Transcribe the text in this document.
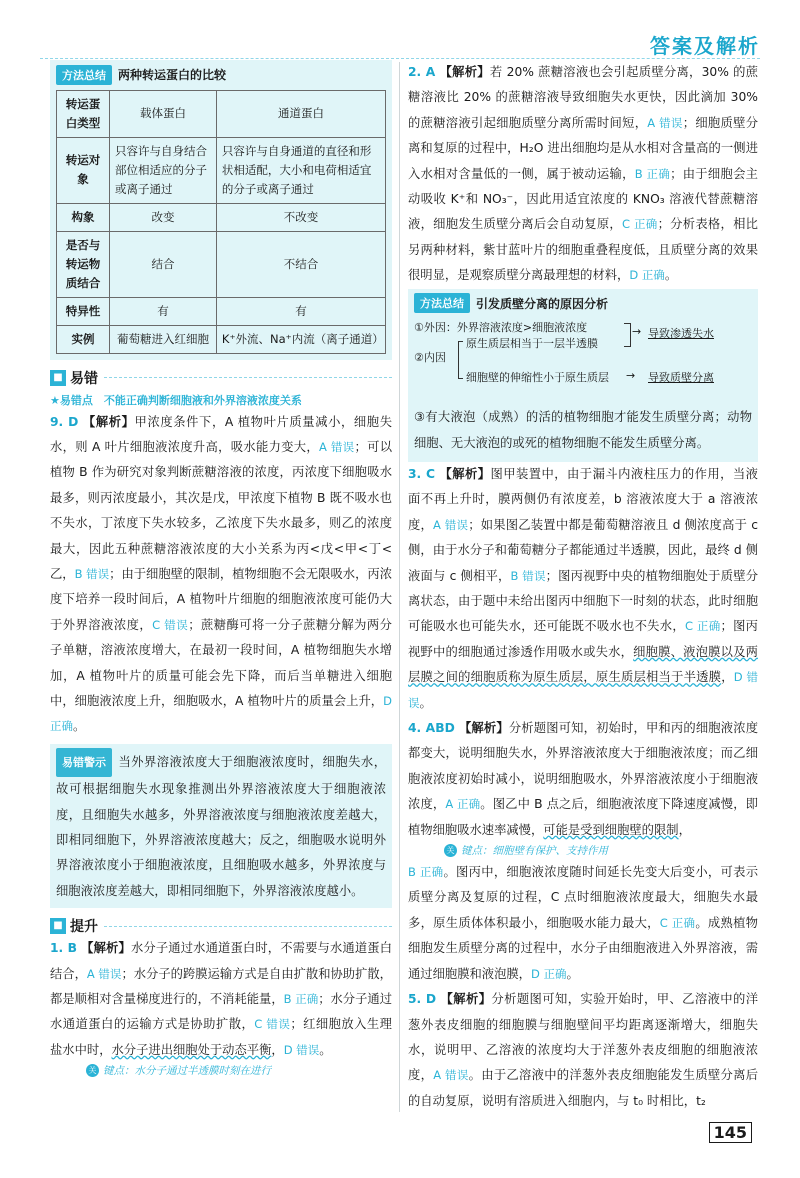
答案及解析
方法总结 两种转运蛋白的比较
转运蛋白类型	载体蛋白	通道蛋白
转运对象	只容许与自身结合部位相适应的分子或离子通过	只容许与自身通道的直径和形状相适配，大小和电荷相适宜的分子或离子通过
构象	改变	不改变
是否与转运物质结合	结合	不结合
特异性	有	有
实例	葡萄糖进入红细胞	K⁺外流、Na⁺内流（离子通道）
■ 易错
★易错点　不能正确判断细胞液和外界溶液浓度关系

9. D 【解析】甲浓度条件下，A 植物叶片质量减小，细胞失水，则 A 叶片细胞液浓度升高，吸水能力变大，A 错误；可以植物 B 作为研究对象判断蔗糖溶液的浓度，丙浓度下细胞吸水最多，则丙浓度最小，其次是戊，甲浓度下植物 B 既不吸水也不失水，丁浓度下失水较多，乙浓度下失水最多，则乙的浓度最大，因此五种蔗糖溶液浓度的大小关系为丙<戊<甲<丁<乙，B 错误；由于细胞壁的限制，植物细胞不会无限吸水，丙浓度下培养一段时间后，A 植物叶片细胞的细胞液浓度可能仍大于外界溶液浓度，C 错误；蔗糖酶可将一分子蔗糖分解为两分子单糖，溶液浓度增大，在最初一段时间，A 植物细胞失水增加，A 植物叶片的质量可能会先下降，而后当单糖进入细胞中，细胞液浓度上升，细胞吸水，A 植物叶片的质量会上升，D 正确。

易错警示 当外界溶液浓度大于细胞液浓度时，细胞失水，故可根据细胞失水现象推测出外界溶液浓度大于细胞液浓度，且细胞失水越多，外界溶液浓度与细胞液浓度差越大，即相同细胞下，外界溶液浓度越大；反之，细胞吸水说明外界溶液浓度小于细胞液浓度，且细胞吸水越多，外界浓度与细胞液浓度差越大，即相同细胞下，外界溶液浓度越小。

■ 提升

1. B 【解析】水分子通过水通道蛋白时，不需要与水通道蛋白结合，A 错误；水分子的跨膜运输方式是自由扩散和协助扩散，都是顺相对含量梯度进行的，不消耗能量，B 正确；水分子通过水通道蛋白的运输方式是协助扩散，C 错误；红细胞放入生理盐水中时，水分子进出细胞处于动态平衡，D 错误。

关 键点：水分子通过半透膜时刻在进行

2. A 【解析】若 20% 蔗糖溶液也会引起质壁分离，30% 的蔗糖溶液比 20% 的蔗糖溶液导致细胞失水更快，因此滴加 30% 的蔗糖溶液引起细胞质壁分离所需时间短，A 错误；细胞质壁分离和复原的过程中，H₂O 进出细胞均是从水相对含量高的一侧进入水相对含量低的一侧，属于被动运输，B 正确；由于细胞会主动吸收 K⁺和 NO₃⁻，因此用适宜浓度的 KNO₃ 溶液代替蔗糖溶液，细胞发生质壁分离后会自动复原，C 正确；分析表格，相比另两种材料，紫甘蓝叶片的细胞重叠程度低，且质壁分离的效果很明显，是观察质壁分离最理想的材料，D 正确。

方法总结 引发质壁分离的原因分析
①外因：外界溶液浓度>细胞液浓度
②内因
原生质层相当于一层半透膜
细胞壁的伸缩性小于原生质层
→ 导致渗透失水
→ 导致质壁分离

③有大液泡（成熟）的活的植物细胞才能发生质壁分离；动物细胞、无大液泡的或死的植物细胞不能发生质壁分离。

3. C 【解析】图甲装置中，由于漏斗内液柱压力的作用，当液面不再上升时，膜两侧仍有浓度差，b 溶液浓度大于 a 溶液浓度，A 错误；如果图乙装置中都是葡萄糖溶液且 d 侧浓度高于 c 侧，由于水分子和葡萄糖分子都能通过半透膜，因此，最终 d 侧液面与 c 侧相平，B 错误；图丙视野中央的植物细胞处于质壁分离状态，由于题中未给出图丙中细胞下一时刻的状态，此时细胞可能吸水也可能失水，还可能既不吸水也不失水，C 正确；图丙视野中的细胞通过渗透作用吸水或失水，细胞膜、液泡膜以及两层膜之间的细胞质称为原生质层，原生质层相当于半透膜，D 错误。

4. ABD 【解析】分析题图可知，初始时，甲和丙的细胞液浓度都变大，说明细胞失水，外界溶液浓度大于细胞液浓度；而乙细胞液浓度初始时减小，说明细胞吸水，外界溶液浓度小于细胞液浓度，A 正确。图乙中 B 点之后，细胞液浓度下降速度减慢，即植物细胞吸水速率减慢，可能是受到细胞壁的限制，

关 键点：细胞壁有保护、支持作用

B 正确。图丙中，细胞液浓度随时间延长先变大后变小，可表示质壁分离及复原的过程，C 点时细胞液浓度最大，细胞失水最多，原生质体体积最小，细胞吸水能力最大，C 正确。成熟植物细胞发生质壁分离的过程中，水分子由细胞液进入外界溶液，需通过细胞膜和液泡膜，D 正确。

5. D 【解析】分析题图可知，实验开始时，甲、乙溶液中的洋葱外表皮细胞的细胞膜与细胞壁间平均距离逐渐增大，细胞失水，说明甲、乙溶液的浓度均大于洋葱外表皮细胞的细胞液浓度，A 错误。由于乙溶液中的洋葱外表皮细胞能发生质壁分离后的自动复原，说明有溶质进入细胞内，与 t₀ 时相比，t₂

145
